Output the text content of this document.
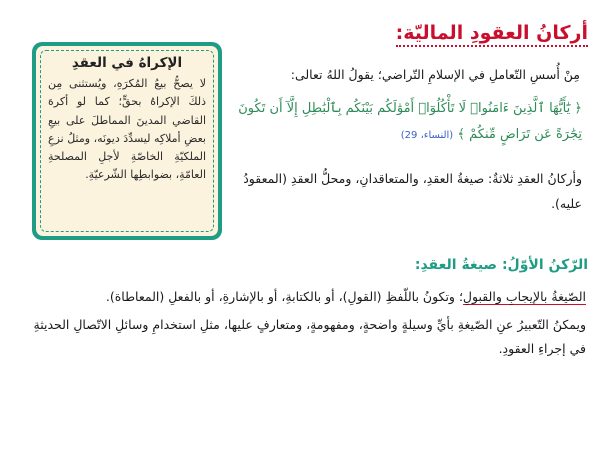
أركانُ العقودِ الماليّة:
الإكراهُ في العقدِ
لا يصحُّ بيعُ المُكرَهِ، ويُستثنى مِن ذلكَ الإكراهُ بحقٍّ؛ كما لو أكرهَ القاضي المدينَ المماطلَ على بيعِ بعضِ أملاكِه ليسدِّدَ ديونَه، ومثلُ نزعِ الملكيّةِ الخاصّةِ لأجلِ المصلحةِ العامّةِ، بضوابطِها الشّرعيّةِ.
مِنْ أُسسِ التّعاملِ في الإسلامِ التّراضي؛ يقولُ اللهُ تعالى:
﴿ يَٰٓأَيُّهَا ٱلَّذِينَ ءَامَنُوا۟ لَا تَأْكُلُوٓا۟ أَمْوَٰلَكُم بَيْنَكُم بِٱلْبَٰطِلِ إِلَّآ أَن تَكُونَ تِجَٰرَةً عَن تَرَاضٍ مِّنكُمْ ﴾ (النساء، 29)
وأركانُ العقدِ ثلاثةٌ: صيغةُ العقدِ، والمتعاقدانِ، ومحلُّ العقدِ (المعقودُ عليه).
الرّكنُ الأوّلُ: صيغةُ العقدِ:
الصّيغةُ بالإيجابِ والقبولِ؛ وتكونُ باللّفظِ (القولِ)، أو بالكتابةِ، أو بالإشارةِ، أو بالفعلِ (المعاطاة).
ويمكنُ التّعبيرُ عنِ الصّيغةِ بأيِّ وسيلةٍ واضحةٍ، ومفهومةٍ، ومتعارفٍ عليها، مثلِ استخدامِ وسائلِ الاتّصالِ الحديثةِ في إجراءِ العقودِ.
